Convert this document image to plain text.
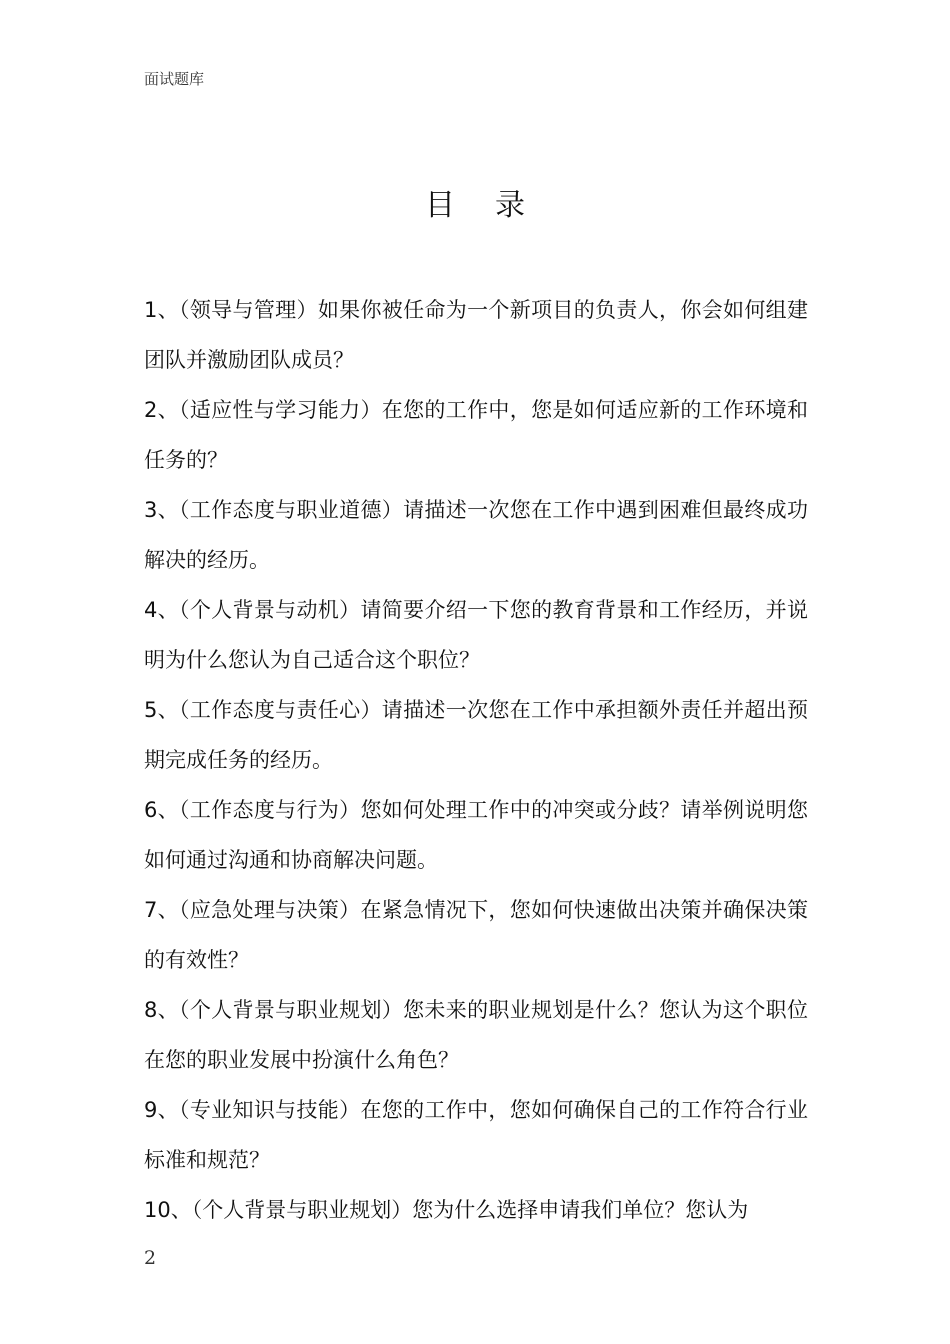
面试题库
目录
1、（领导与管理）如果你被任命为一个新项目的负责人，你会如何组建团队并激励团队成员？
2、（适应性与学习能力）在您的工作中，您是如何适应新的工作环境和任务的？
3、（工作态度与职业道德）请描述一次您在工作中遇到困难但最终成功解决的经历。
4、（个人背景与动机）请简要介绍一下您的教育背景和工作经历，并说明为什么您认为自己适合这个职位？
5、（工作态度与责任心）请描述一次您在工作中承担额外责任并超出预期完成任务的经历。
6、（工作态度与行为）您如何处理工作中的冲突或分歧？请举例说明您如何通过沟通和协商解决问题。
7、（应急处理与决策）在紧急情况下，您如何快速做出决策并确保决策的有效性？
8、（个人背景与职业规划）您未来的职业规划是什么？您认为这个职位在您的职业发展中扮演什么角色？
9、（专业知识与技能）在您的工作中，您如何确保自己的工作符合行业标准和规范？
10、（个人背景与职业规划）您为什么选择申请我们单位？您认为
2
